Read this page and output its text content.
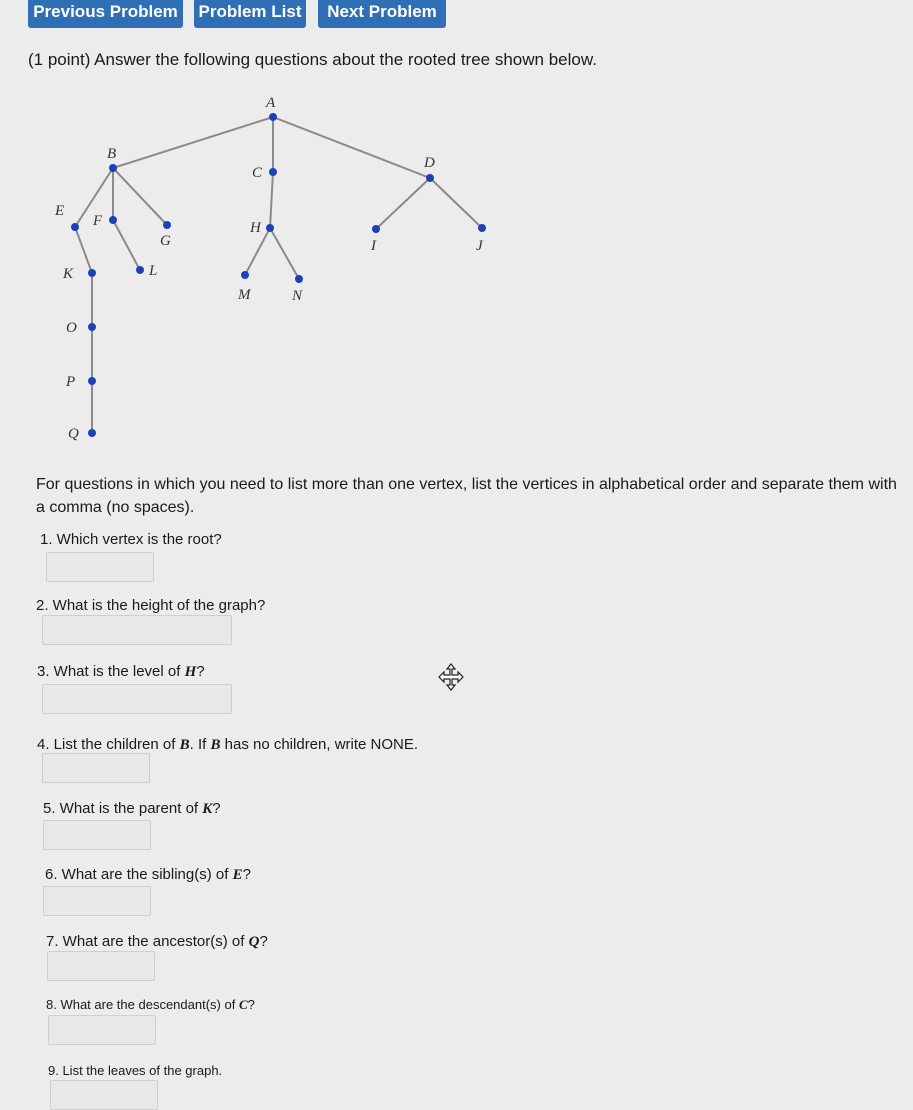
Previous Problem	Problem List	Next Problem
(1 point) Answer the following questions about the rooted tree shown below.
A
B
C
D
E
F
G
H
I	J
K	L
M	N
O
P
Q
For questions in which you need to list more than one vertex, list the vertices in alphabetical order and separate them with a comma (no spaces).
1. Which vertex is the root?
2. What is the height of the graph?
3. What is the level of H?
4. List the children of B. If B has no children, write NONE.
5. What is the parent of K?
6. What are the sibling(s) of E?
7. What are the ancestor(s) of Q?
8. What are the descendant(s) of C?
9. List the leaves of the graph.
